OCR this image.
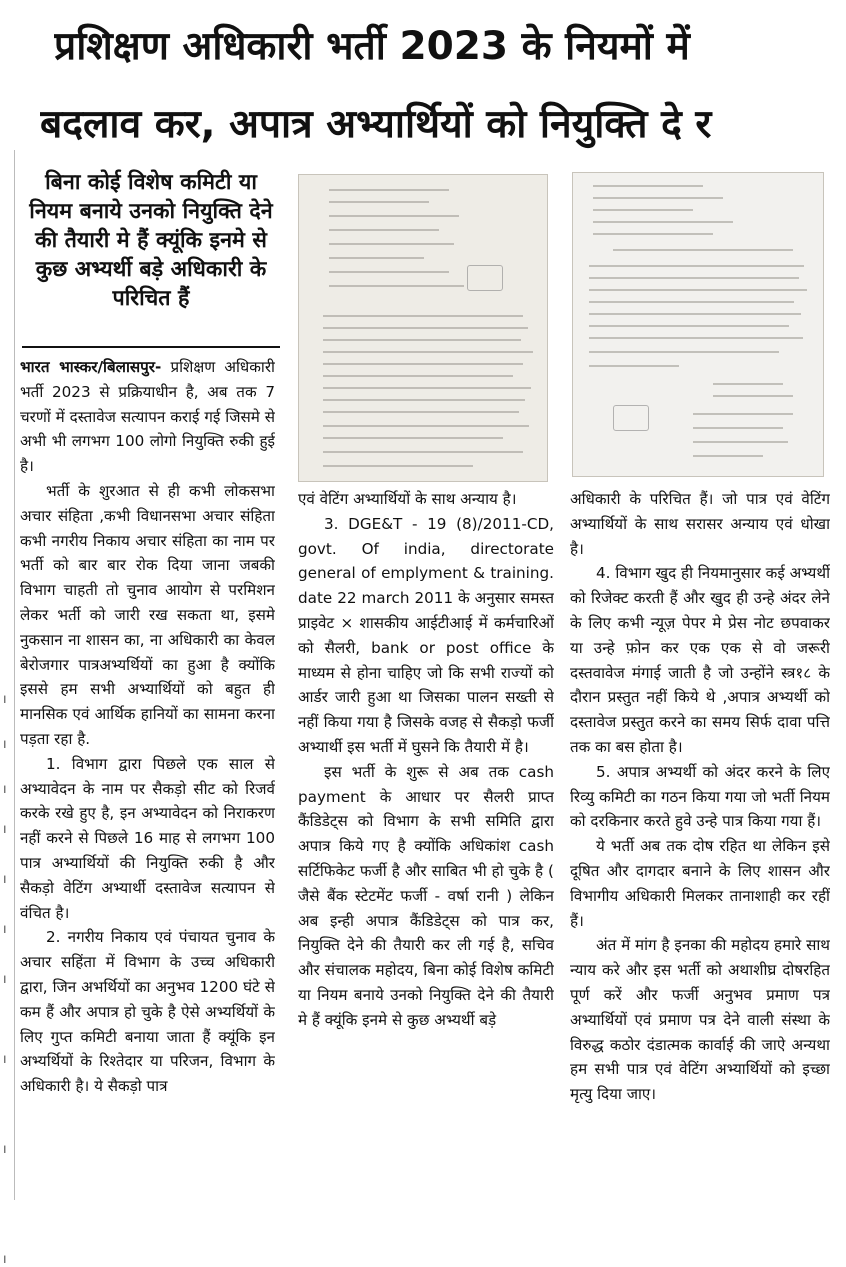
प्रशिक्षण अधिकारी भर्ती 2023 के नियमों में
बदलाव कर, अपात्र अभ्यार्थियों को नियुक्ति दे र
।
।
।
।
।
।
।
।
।
।
बिना कोई विशेष कमिटी या नियम बनाये उनको नियुक्ति देने की तैयारी मे हैं क्यूंकि इनमे से कुछ अभ्यर्थी बड़े अधिकारी के परिचित हैं

भारत भास्कर/बिलासपुर- प्रशिक्षण अधिकारी भर्ती 2023 से प्रक्रियाधीन है, अब तक 7 चरणों में दस्तावेज सत्यापन कराई गई जिसमे से अभी भी लगभग 100 लोगो नियुक्ति रुकी हुई है।

भर्ती के शुरआत से ही कभी लोकसभा अचार संहिता ,कभी विधानसभा अचार संहिता कभी नगरीय निकाय अचार संहिता का नाम पर भर्ती को बार बार रोक दिया जाना जबकी विभाग चाहती तो चुनाव आयोग से परमिशन लेकर भर्ती को जारी रख सकता था, इसमे नुकसान ना शासन का, ना अधिकारी का केवल बेरोजगार पात्रअभ्यर्थियों का हुआ है क्योंकि इससे हम सभी अभ्यार्थियों को बहुत ही मानसिक एवं आर्थिक हानियों का सामना करना पड़ता रहा है.

1. विभाग द्वारा पिछले एक साल से अभ्यावेदन के नाम पर सैकड़ो सीट को रिजर्व करके रखे हुए है, इन अभ्यावेदन को निराकरण नहीं करने से पिछले 16 माह से लगभग 100 पात्र अभ्यार्थियों की नियुक्ति रुकी है और सैकड़ो वेटिंग अभ्यार्थी दस्तावेज सत्यापन से वंचित है।

2. नगरीय निकाय एवं पंचायत चुनाव के अचार सहिंता में विभाग के उच्च अधिकारी द्वारा, जिन अभर्थियों का अनुभव 1200 घंटे से कम हैं और अपात्र हो चुके है ऐसे अभ्यर्थियों के लिए गुप्त कमिटी बनाया जाता हैं क्यूंकि इन अभ्यर्थियों के रिश्तेदार या परिजन, विभाग के अधिकारी है। ये सैकड़ो पात्र

एवं वेटिंग अभ्यार्थियों के साथ अन्याय है।

3. DGE&T - 19 (8)/2011-CD, govt. Of india, directorate general of emplyment & training. date 22 march 2011 के अनुसार समस्त प्राइवेट × शासकीय आईटीआई में कर्मचारिओं को सैलरी, bank or post office के माध्यम से होना चाहिए जो कि सभी राज्यों को आर्डर जारी हुआ था जिसका पालन सख्ती से नहीं किया गया है जिसके वजह से सैकड़ो फर्जी अभ्यार्थी इस भर्ती में घुसने कि तैयारी में है।

इस भर्ती के शुरू से अब तक cash payment के आधार पर सैलरी प्राप्त कैंडिडेट्स को विभाग के सभी समिति द्वारा अपात्र किये गए है क्योंकि अधिकांश cash सर्टिफिकेट फर्जी है और साबित भी हो चुके है ( जैसे बैंक स्टेटमेंट फर्जी - वर्षा रानी ) लेकिन अब इन्ही अपात्र कैंडिडेट्स को पात्र कर, नियुक्ति देने की तैयारी कर ली गई है, सचिव और संचालक महोदय, बिना कोई विशेष कमिटी या नियम बनाये उनको नियुक्ति देने की तैयारी मे हैं क्यूंकि इनमे से कुछ अभ्यर्थी बड़े

अधिकारी के परिचित हैं। जो पात्र एवं वेटिंग अभ्यार्थियों के साथ सरासर अन्याय एवं धोखा है।

4. विभाग खुद ही नियमानुसार कई अभ्यर्थी को रिजेक्ट करती हैं और खुद ही उन्हे अंदर लेने के लिए कभी न्यूज़ पेपर मे प्रेस नोट छपवाकर या उन्हे फ़ोन कर एक एक से वो जरूरी दस्तवावेज मंगाई जाती है जो उन्होंने स्त्र१८ के दौरान प्रस्तुत नहीं किये थे ,अपात्र अभ्यर्थी को दस्तावेज प्रस्तुत करने का समय सिर्फ दावा पत्ति तक का बस होता है।

5. अपात्र अभ्यर्थी को अंदर करने के लिए रिव्यु कमिटी का गठन किया गया जो भर्ती नियम को दरकिनार करते हुवे उन्हे पात्र किया गया हैं।

ये भर्ती अब तक दोष रहित था लेकिन इसे दूषित और दागदार बनाने के लिए शासन और विभागीय अधिकारी मिलकर तानाशाही कर रहीं हैं।

अंत में मांग है इनका की महोदय हमारे साथ न्याय करे और इस भर्ती को अथाशीघ्र दोषरहित पूर्ण करें और फर्जी अनुभव प्रमाण पत्र अभ्यार्थियों एवं प्रमाण पत्र देने वाली संस्था के विरुद्ध कठोर दंडात्मक कार्वाई की जाऐ अन्यथा हम सभी पात्र एवं वेटिंग अभ्यार्थियों को इच्छा मृत्यु दिया जाए।
